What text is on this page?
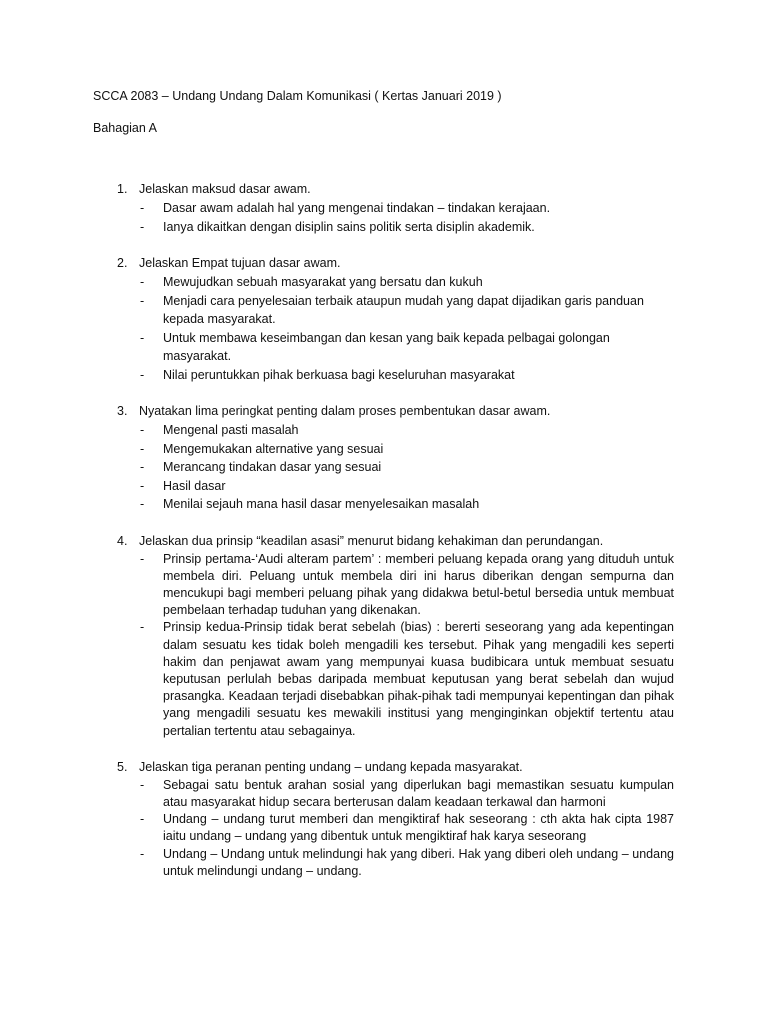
SCCA 2083 – Undang Undang Dalam Komunikasi ( Kertas Januari 2019 )
Bahagian A
1. Jelaskan maksud dasar awam.
- Dasar awam adalah hal yang mengenai tindakan – tindakan kerajaan.
- Ianya dikaitkan dengan disiplin sains politik serta disiplin akademik.
2. Jelaskan Empat tujuan dasar awam.
- Mewujudkan sebuah masyarakat yang bersatu dan kukuh
- Menjadi cara penyelesaian terbaik ataupun mudah yang dapat dijadikan garis panduan kepada masyarakat.
- Untuk membawa keseimbangan dan kesan yang baik kepada pelbagai golongan masyarakat.
- Nilai peruntukkan pihak berkuasa bagi keseluruhan masyarakat
3. Nyatakan lima peringkat penting dalam proses pembentukan dasar awam.
- Mengenal pasti masalah
- Mengemukakan alternative yang sesuai
- Merancang tindakan dasar yang sesuai
- Hasil dasar
- Menilai sejauh mana hasil dasar menyelesaikan masalah
4. Jelaskan dua prinsip “keadilan asasi” menurut bidang kehakiman dan perundangan.
- Prinsip pertama-‘Audi alteram partem’ : memberi peluang kepada orang yang dituduh untuk membela diri. Peluang untuk membela diri ini harus diberikan dengan sempurna dan mencukupi bagi memberi peluang pihak yang didakwa betul-betul bersedia untuk membuat pembelaan terhadap tuduhan yang dikenakan.
- Prinsip kedua-Prinsip tidak berat sebelah (bias) : bererti seseorang yang ada kepentingan dalam sesuatu kes tidak boleh mengadili kes tersebut. Pihak yang mengadili kes seperti hakim dan penjawat awam yang mempunyai kuasa budibicara untuk membuat sesuatu keputusan perlulah bebas daripada membuat keputusan yang berat sebelah dan wujud prasangka. Keadaan terjadi disebabkan pihak-pihak tadi mempunyai kepentingan dan pihak yang mengadili sesuatu kes mewakili institusi yang menginginkan objektif tertentu atau pertalian tertentu atau sebagainya.
5. Jelaskan tiga peranan penting undang – undang kepada masyarakat.
- Sebagai satu bentuk arahan sosial yang diperlukan bagi memastikan sesuatu kumpulan atau masyarakat hidup secara berterusan dalam keadaan terkawal dan harmoni
- Undang – undang turut memberi dan mengiktiraf hak seseorang : cth akta hak cipta 1987 iaitu undang – undang yang dibentuk untuk mengiktiraf hak karya seseorang
- Undang – Undang untuk melindungi hak yang diberi. Hak yang diberi oleh undang – undang untuk melindungi undang – undang.
